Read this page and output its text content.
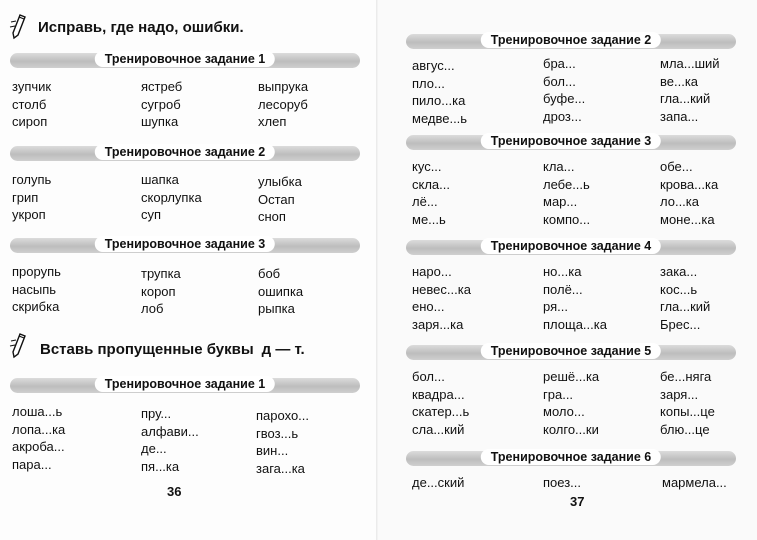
Исправь, где надо, ошибки.
Тренировочное задание 1
зупчик
столб
сироп
ястреб
сугроб
шупка
выпрука
лесоруб
хлеп
Тренировочное задание 2
голупь
грип
укроп
шапка
скорлупка
суп
улыбка
Остап
сноп
Тренировочное задание 3
прорупь
насыпь
скрибка
трупка
короп
лоб
боб
ошипка
рыпка
Вставь пропущенные буквы д — т.
Тренировочное задание 1
лоша...ь
лопа...ка
акроба...
пара...
пру...
алфави...
де...
пя...ка
парохо...
гвоз...ь
вин...
зага...ка
36
Тренировочное задание 2
авгус...
пло...
пило...ка
медве...ь
бра...
бол...
буфе...
дроз...
мла...ший
ве...ка
гла...кий
запа...
Тренировочное задание 3
кус...
скла...
лё...
ме...ь
кла...
лебе...ь
мар...
компо...
обе...
крова...ка
ло...ка
моне...ка
Тренировочное задание 4
наро...
невес...ка
ено...
заря...ка
но...ка
полё...
ря...
площа...ка
зака...
кос...ь
гла...кий
Брес...
Тренировочное задание 5
бол...
квадра...
скатер...ь
сла...кий
решё...ка
гра...
моло...
колго...ки
бе...няга
заря...
копы...це
блю...це
Тренировочное задание 6
де...ский	поез...	мармела...
37
